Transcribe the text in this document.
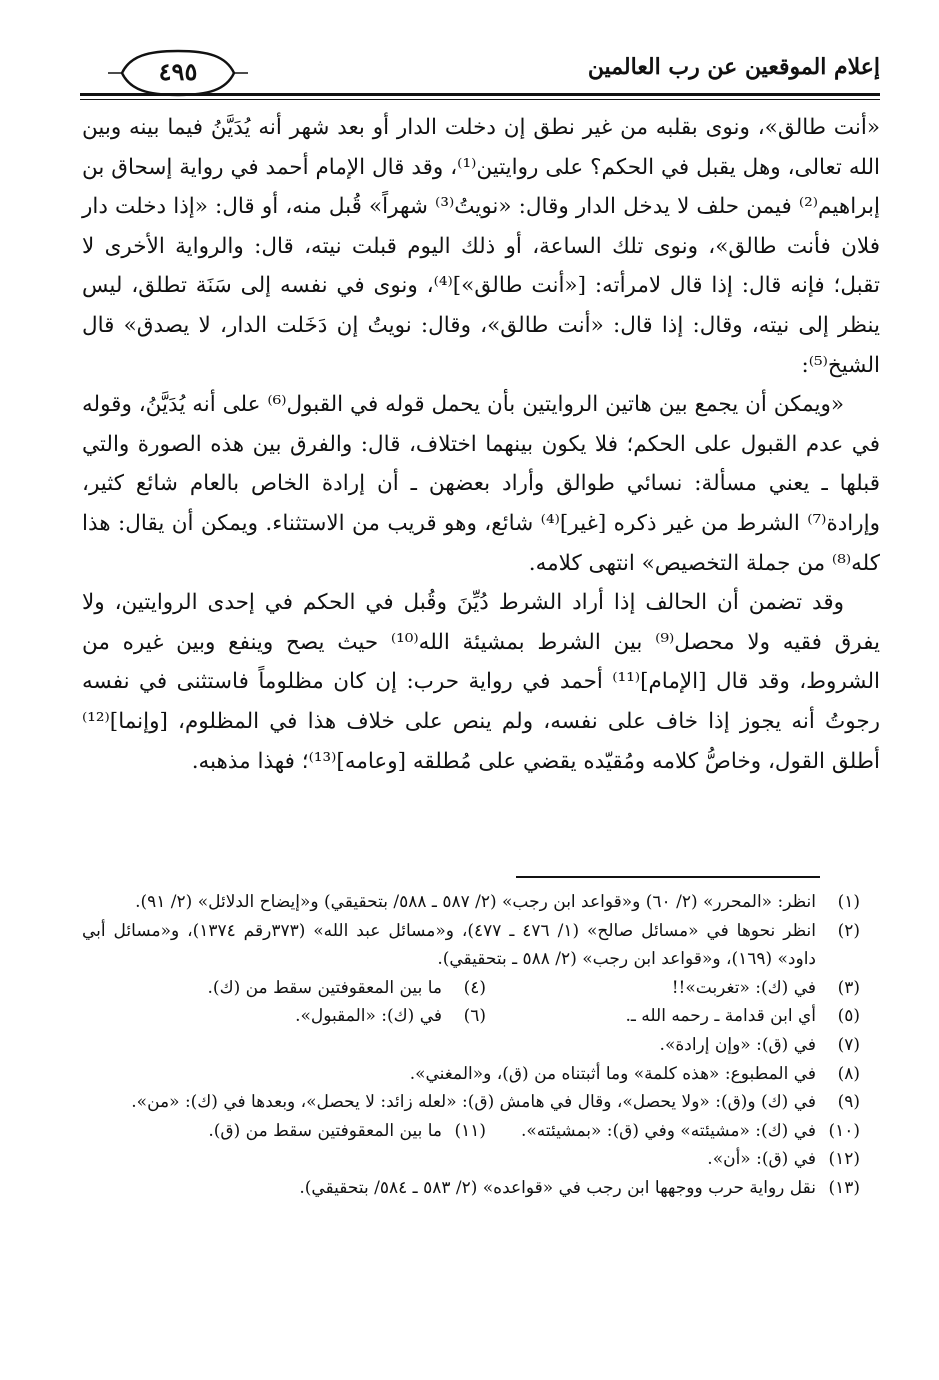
إعلام الموقعين عن رب العالمين
٤٩٥

«أنت طالق»، ونوى بقلبه من غير نطق إن دخلت الدار أو بعد شهر أنه يُدَيَّنُ فيما بينه وبين الله تعالى، وهل يقبل في الحكم؟ على روايتين⁽¹⁾، وقد قال الإمام أحمد في رواية إسحاق بن إبراهيم⁽²⁾ فيمن حلف لا يدخل الدار وقال: «نويتُ⁽³⁾ شهراً» قُبل منه، أو قال: «إذا دخلت دار فلان فأنت طالق»، ونوى تلك الساعة، أو ذلك اليوم قبلت نيته، قال: والرواية الأخرى لا تقبل؛ فإنه قال: إذا قال لامرأته: [«أنت طالق»]⁽⁴⁾، ونوى في نفسه إلى سَنَة تطلق، ليس ينظر إلى نيته، وقال: إذا قال: «أنت طالق»، وقال: نويتُ إن دَخَلت الدار، لا يصدق» قال الشيخ⁽⁵⁾:

«ويمكن أن يجمع بين هاتين الروايتين بأن يحمل قوله في القبول⁽⁶⁾ على أنه يُدَيَّنُ، وقوله في عدم القبول على الحكم؛ فلا يكون بينهما اختلاف، قال: والفرق بين هذه الصورة والتي قبلها ـ يعني مسألة: نسائي طوالق وأراد بعضهن ـ أن إرادة الخاص بالعام شائع كثير، وإرادة⁽⁷⁾ الشرط من غير ذكره [غير]⁽⁴⁾ شائع، وهو قريب من الاستثناء. ويمكن أن يقال: هذا كله⁽⁸⁾ من جملة التخصيص» انتهى كلامه.

وقد تضمن أن الحالف إذا أراد الشرط دُيِّنَ وقُبل في الحكم في إحدى الروايتين، ولا يفرق فقيه ولا محصل⁽⁹⁾ بين الشرط بمشيئة الله⁽¹⁰⁾ حيث يصح وينفع وبين غيره من الشروط، وقد قال [الإمام]⁽¹¹⁾ أحمد في رواية حرب: إن كان مظلوماً فاستثنى في نفسه رجوتُ أنه يجوز إذا خاف على نفسه، ولم ينص على خلاف هذا في المظلوم، [وإنما]⁽¹²⁾ أطلق القول، وخاصُّ كلامه ومُقيّده يقضي على مُطلقه [وعامه]⁽¹³⁾؛ فهذا مذهبه.

(١)
انظر: «المحرر» (٢/ ٦٠) و«قواعد ابن رجب» (٢/ ٥٨٧ ـ ٥٨٨/ بتحقيقي) و«إيضاح الدلائل» (٢/ ٩١).
(٢)
انظر نحوها في «مسائل صالح» (١/ ٤٧٦ ـ ٤٧٧)، و«مسائل عبد الله» (٣٧٣رقم ١٣٧٤)، و«مسائل أبي داود» (١٦٩)، و«قواعد ابن رجب» (٢/ ٥٨٨ ـ بتحقيقي).
(٣)
في (ك): «تغربت»!!
(٤)
ما بين المعقوفتين سقط من (ك).
(٥)
أي ابن قدامة ـ رحمه الله ـ.
(٦)
في (ك): «المقبول».
(٧)
في (ق): «وإن إرادة».
(٨)
في المطبوع: «هذه كلمة» وما أثبتناه من (ق)، و«المغني».
(٩)
في (ك) و(ق): «ولا يحصل»، وقال في هامش (ق): «لعله زائد: لا يحصل»، وبعدها في (ك): «من».
(١٠)
في (ك): «مشيئته» وفي (ق): «بمشيئته».
(١١)
ما بين المعقوفتين سقط من (ق).
(١٢)
في (ق): «أن».
(١٣)
نقل رواية حرب ووجهها ابن رجب في «قواعده» (٢/ ٥٨٣ ـ ٥٨٤/ بتحقيقي).
